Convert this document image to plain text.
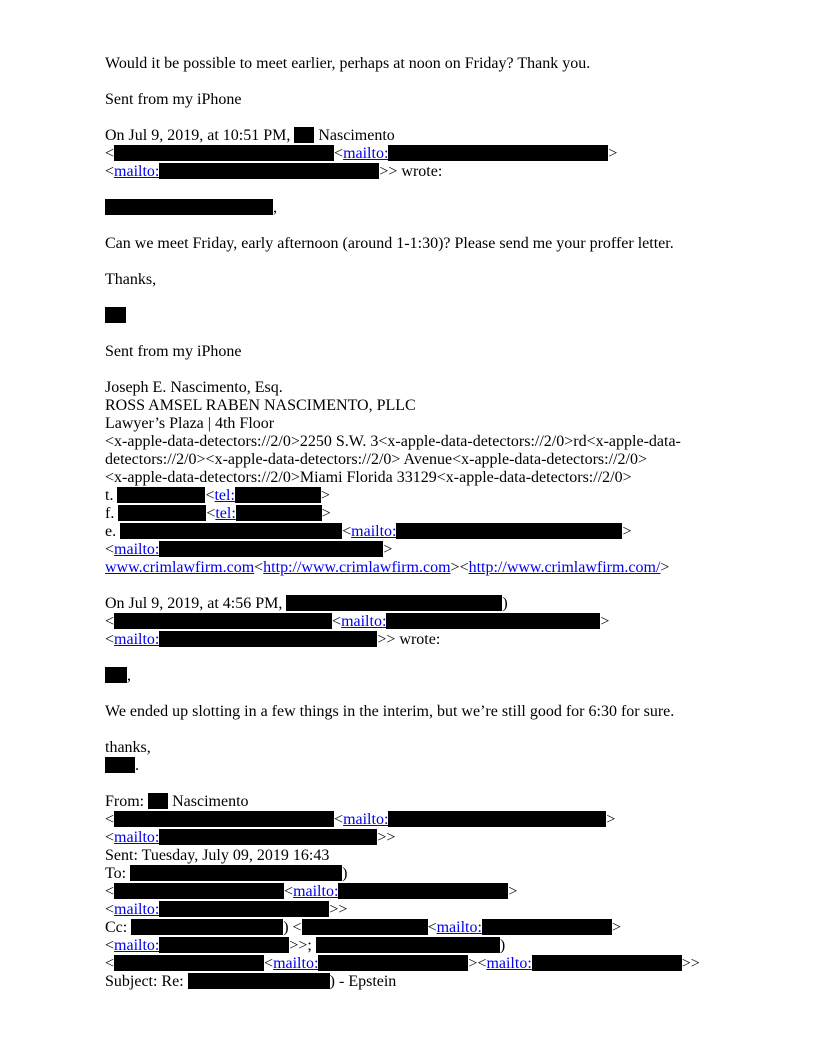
Would it be possible to meet earlier, perhaps at noon on Friday? Thank you.
Sent from my iPhone
On Jul 9, 2019, at 10:51 PM, Nascimento
<	<mailto:	>
<mailto:	>> wrote:
,
Can we meet Friday, early afternoon (around 1-1:30)? Please send me your proffer letter.
Thanks,
Sent from my iPhone
Joseph E. Nascimento, Esq.
ROSS AMSEL RABEN NASCIMENTO, PLLC
Lawyer’s Plaza | 4th Floor
<x-apple-data-detectors://2/0>2250 S.W. 3<x-apple-data-detectors://2/0>rd<x-apple-data-
detectors://2/0><x-apple-data-detectors://2/0> Avenue<x-apple-data-detectors://2/0>
<x-apple-data-detectors://2/0>Miami Florida 33129<x-apple-data-detectors://2/0>
t.	<tel:	>
f.	<tel:	>
e.	<mailto:	>
<mailto:	>
www.crimlawfirm.com<http://www.crimlawfirm.com><http://www.crimlawfirm.com/>
On Jul 9, 2019, at 4:56 PM,	)
<	<mailto:	>
<mailto:	>> wrote:
,
We ended up slotting in a few things in the interim, but we’re still good for 6:30 for sure.
thanks,
.
From: Nascimento
<	<mailto:	>
<mailto:	>>
Sent: Tuesday, July 09, 2019 16:43
To:	)
<	<mailto:	>
<mailto:	>>
Cc:	) <	<mailto:	>
<mailto:	>>;	)
<	<mailto:	><mailto:	>>
Subject: Re:	) - Epstein
